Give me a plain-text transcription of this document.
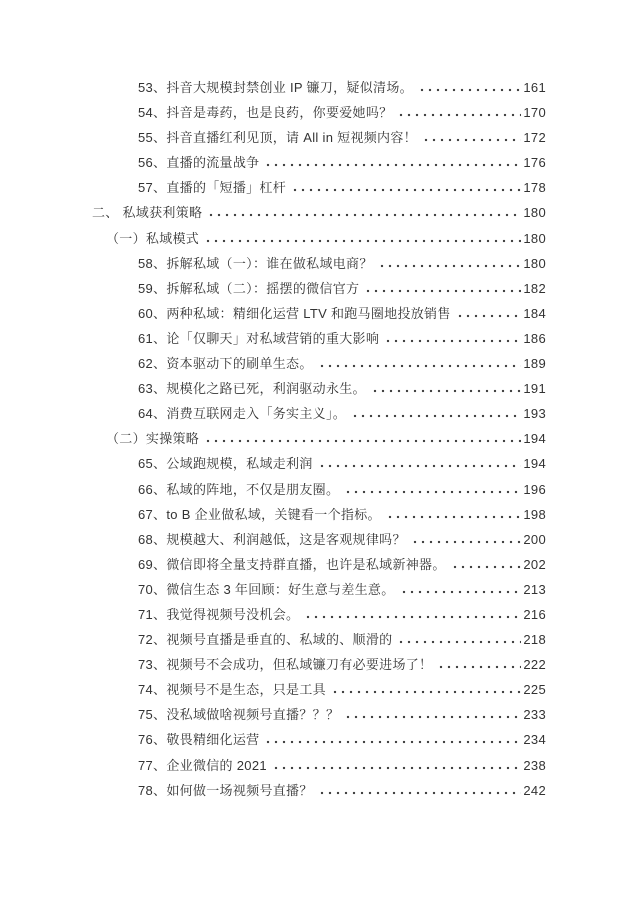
53、抖音大规模封禁创业 IP 镰刀，疑似清场。	161
54、抖音是毒药，也是良药，你要爱她吗？	170
55、抖音直播红利见顶，请 All in 短视频内容！	172
56、直播的流量战争	176
57、直播的「短播」杠杆	178
二、 私域获利策略	180
（一）私域模式	180
58、拆解私域（一）：谁在做私域电商？	180
59、拆解私域（二）：摇摆的微信官方	182
60、两种私域：精细化运营 LTV 和跑马圈地投放销售	184
61、论「仅聊天」对私域营销的重大影响	186
62、资本驱动下的刷单生态。	189
63、规模化之路已死，利润驱动永生。	191
64、消费互联网走入「务实主义」。	193
（二）实操策略	194
65、公域跑规模，私域走利润	194
66、私域的阵地，不仅是朋友圈。	196
67、to B 企业做私域，关键看一个指标。	198
68、规模越大、利润越低，这是客观规律吗？	200
69、微信即将全量支持群直播，也许是私域新神器。	202
70、微信生态 3 年回顾：好生意与差生意。	213
71、我觉得视频号没机会。	216
72、视频号直播是垂直的、私域的、顺滑的	218
73、视频号不会成功，但私域镰刀有必要进场了！	222
74、视频号不是生态，只是工具	225
75、没私域做啥视频号直播？？？	233
76、敬畏精细化运营	234
77、企业微信的 2021	238
78、如何做一场视频号直播？	242
